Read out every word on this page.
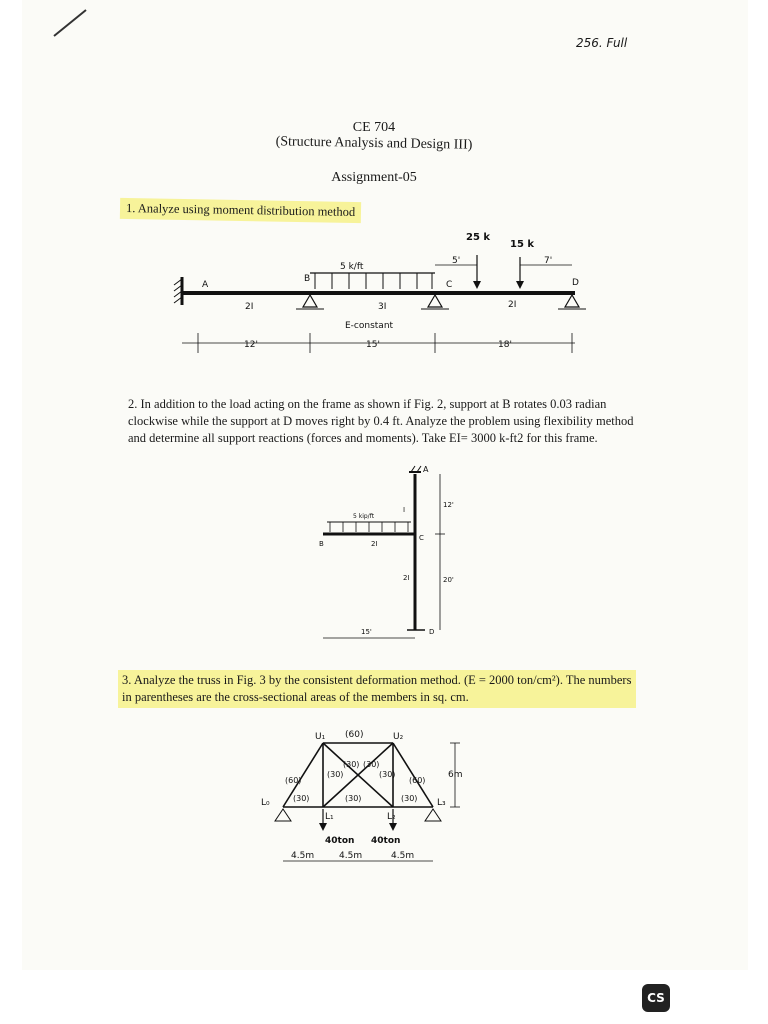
256. Full
CE 704
(Structure Analysis and Design III)
Assignment-05
1. Analyze using moment distribution method
A
B
C	D
5 k/ft
25 k
15 k
5'	7'
2I	3I	2I
E-constant
12'	15'	18'
2. In addition to the load acting on the frame as shown if Fig. 2, support at B rotates 0.03 radian clockwise while the support at D moves right by 0.4 ft. Analyze the problem using flexibility method and determine all support reactions (forces and moments). Take EI= 3000 k-ft2 for this frame.
A
B
C
5 kip/ft
2I
I
2I
D
12'
20'
15'
3. Analyze the truss in Fig. 3 by the consistent deformation method. (E = 2000 ton/cm²). The numbers in parentheses are the cross-sectional areas of the members in sq. cm.
U₁	U₂
L₀
L₁	L₂
L₃
(60)
(60)	(60)
(30)	(30)
(30) (30)
(30)	(30)	(30)
40ton 40ton
4.5m	4.5m	4.5m
6m
CS
